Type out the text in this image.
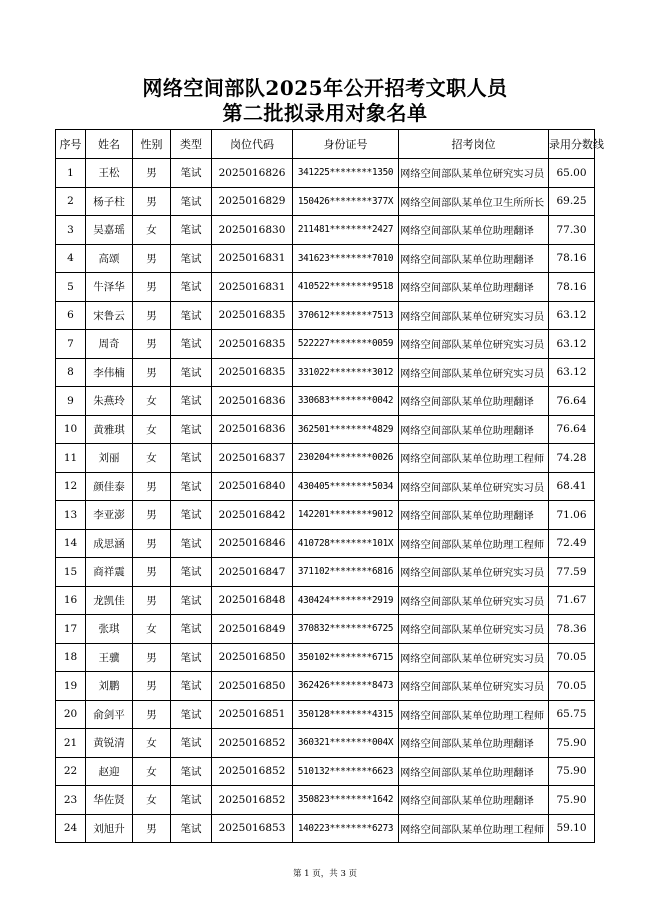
网络空间部队2025年公开招考文职人员
第二批拟录用对象名单
序号	姓名	性别	类型	岗位代码	身份证号	招考岗位	录用分数线
1	王松	男	笔试	2025016826	341225********1350	网络空间部队某单位研究实习员	65.00
2	杨子柱	男	笔试	2025016829	150426********377X	网络空间部队某单位卫生所所长	69.25
3	吴嘉瑶	女	笔试	2025016830	211481********2427	网络空间部队某单位助理翻译	77.30
4	高颂	男	笔试	2025016831	341623********7010	网络空间部队某单位助理翻译	78.16
5	牛泽华	男	笔试	2025016831	410522********9518	网络空间部队某单位助理翻译	78.16
6	宋鲁云	男	笔试	2025016835	370612********7513	网络空间部队某单位研究实习员	63.12
7	周奇	男	笔试	2025016835	522227********0059	网络空间部队某单位研究实习员	63.12
8	李伟楠	男	笔试	2025016835	331022********3012	网络空间部队某单位研究实习员	63.12
9	朱燕玲	女	笔试	2025016836	330683********0042	网络空间部队某单位助理翻译	76.64
10	黄雅琪	女	笔试	2025016836	362501********4829	网络空间部队某单位助理翻译	76.64
11	刘丽	女	笔试	2025016837	230204********0026	网络空间部队某单位助理工程师	74.28
12	颜佳泰	男	笔试	2025016840	430405********5034	网络空间部队某单位研究实习员	68.41
13	李亚澎	男	笔试	2025016842	142201********9012	网络空间部队某单位助理翻译	71.06
14	成思涵	男	笔试	2025016846	410728********101X	网络空间部队某单位助理工程师	72.49
15	商祥震	男	笔试	2025016847	371102********6816	网络空间部队某单位研究实习员	77.59
16	龙凯佳	男	笔试	2025016848	430424********2919	网络空间部队某单位研究实习员	71.67
17	张琪	女	笔试	2025016849	370832********6725	网络空间部队某单位研究实习员	78.36
18	王骥	男	笔试	2025016850	350102********6715	网络空间部队某单位研究实习员	70.05
19	刘鹏	男	笔试	2025016850	362426********8473	网络空间部队某单位研究实习员	70.05
20	俞剑平	男	笔试	2025016851	350128********4315	网络空间部队某单位助理工程师	65.75
21	黄锐清	女	笔试	2025016852	360321********004X	网络空间部队某单位助理翻译	75.90
22	赵迎	女	笔试	2025016852	510132********6623	网络空间部队某单位助理翻译	75.90
23	华佐贤	女	笔试	2025016852	350823********1642	网络空间部队某单位助理翻译	75.90
24	刘旭升	男	笔试	2025016853	140223********6273	网络空间部队某单位助理工程师	59.10
第 1 页，共 3 页
